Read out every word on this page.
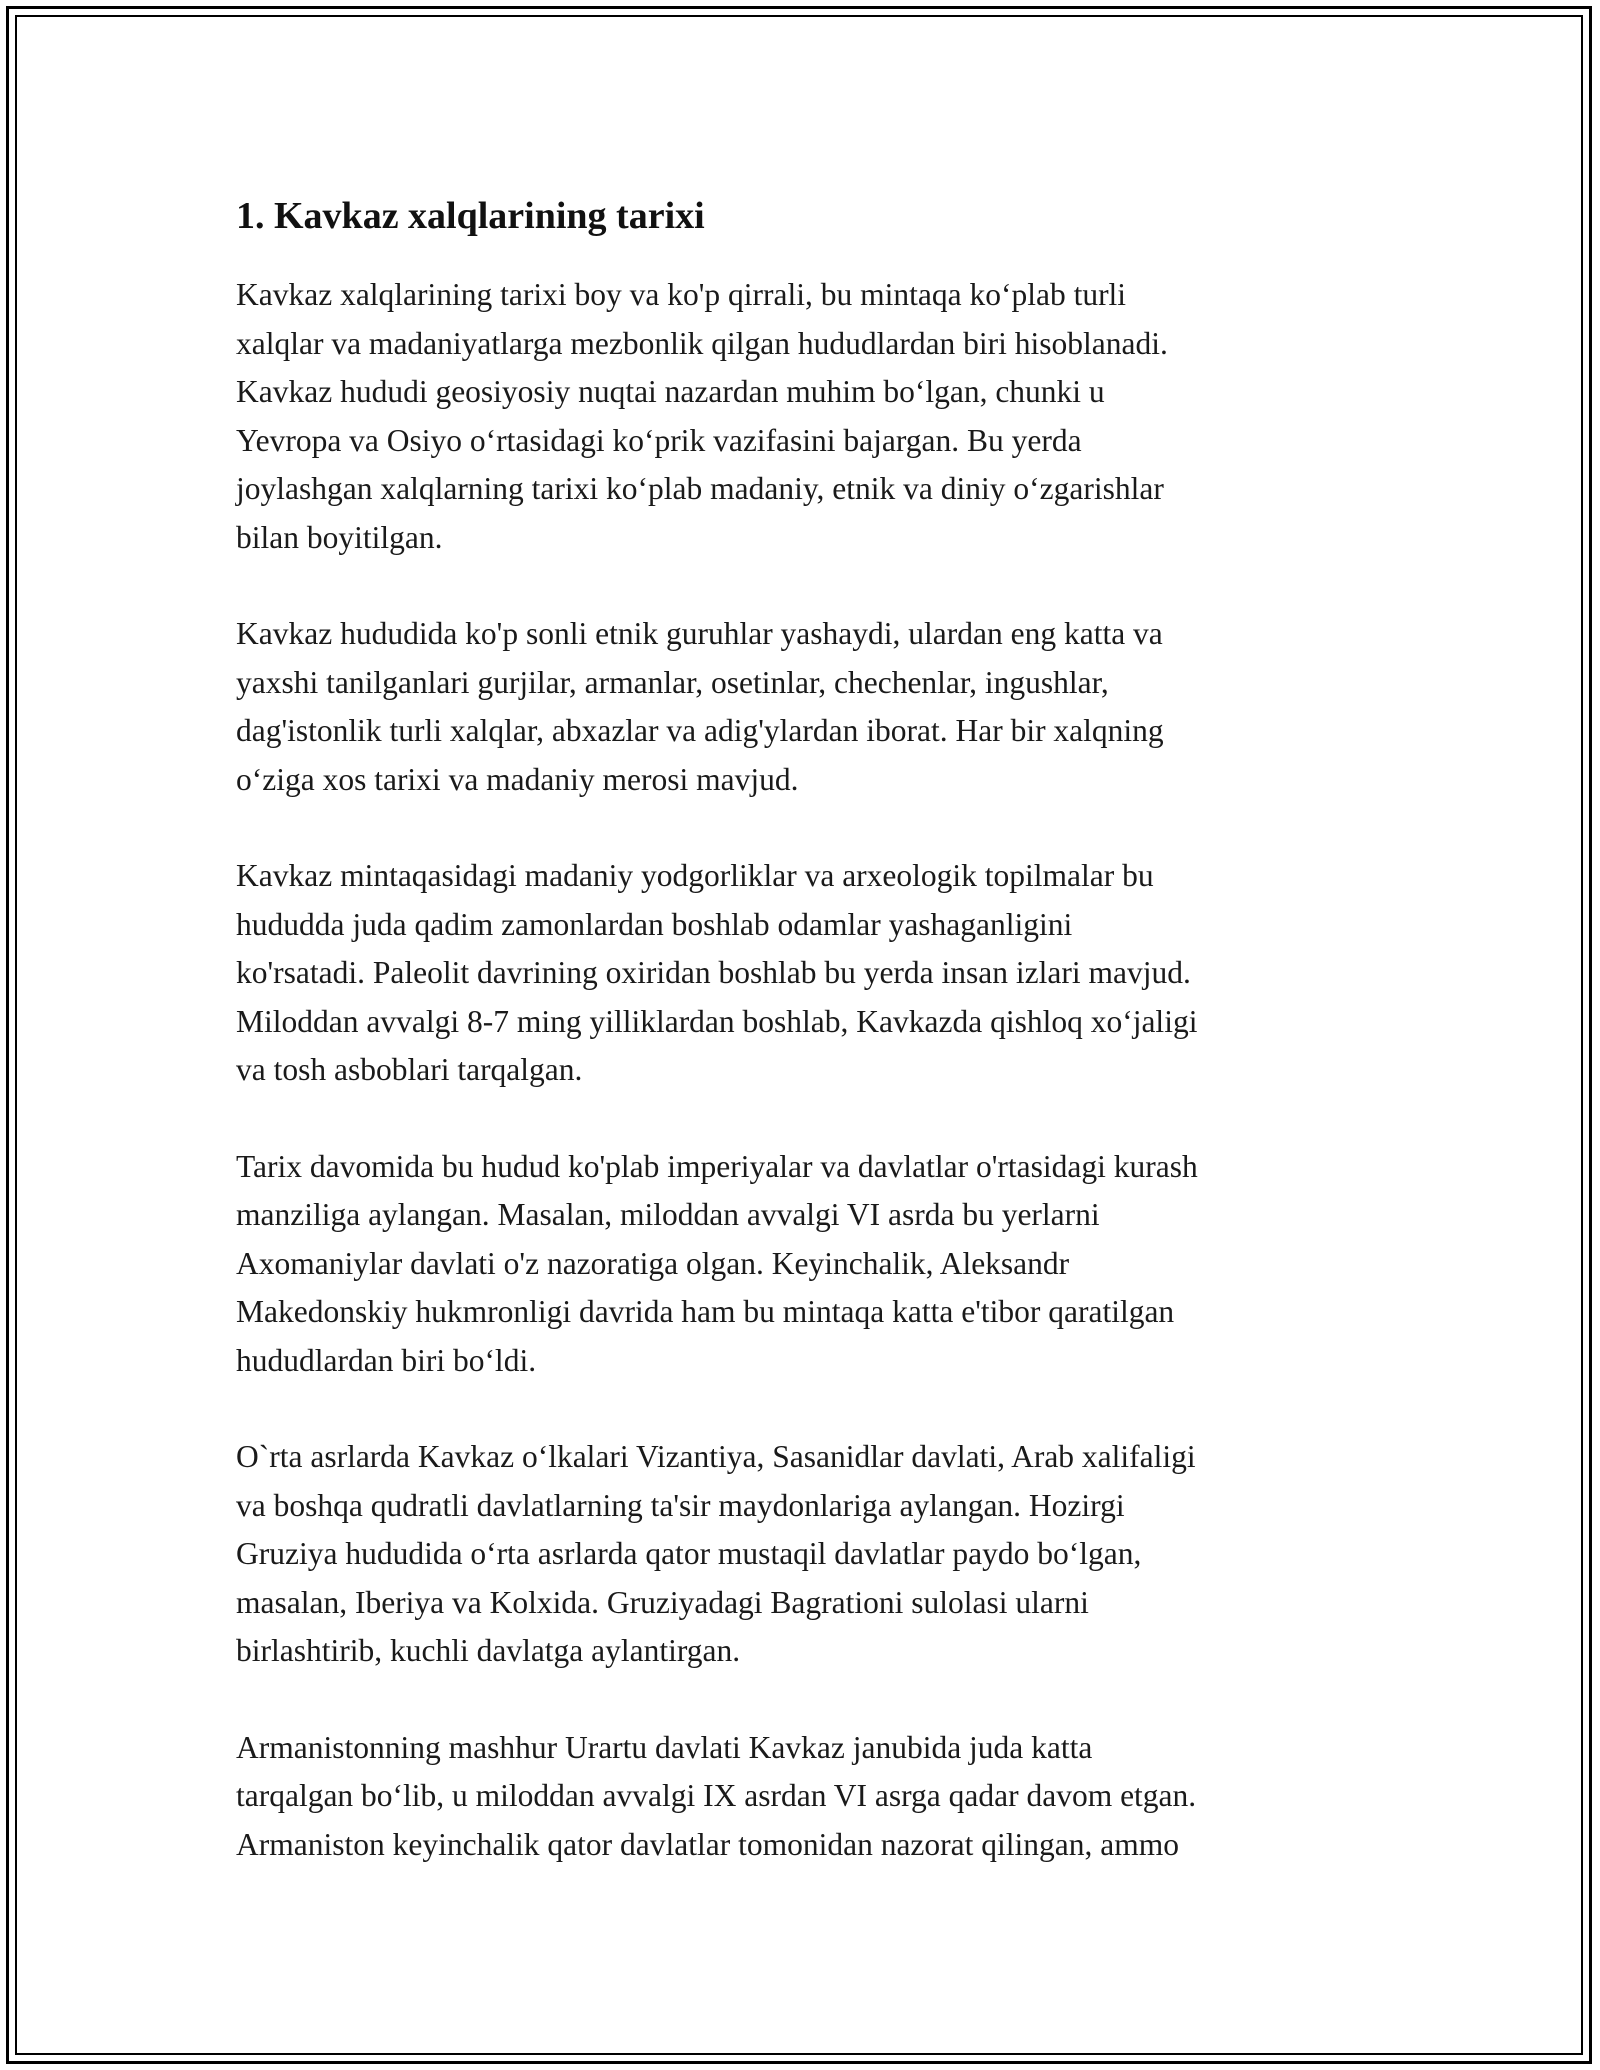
1. Kavkaz xalqlarining tarixi

Kavkaz xalqlarining tarixi boy va ko'p qirrali, bu mintaqa ko‘plab turli
xalqlar va madaniyatlarga mezbonlik qilgan hududlardan biri hisoblanadi.
Kavkaz hududi geosiyosiy nuqtai nazardan muhim bo‘lgan, chunki u
Yevropa va Osiyo o‘rtasidagi ko‘prik vazifasini bajargan. Bu yerda
joylashgan xalqlarning tarixi ko‘plab madaniy, etnik va diniy o‘zgarishlar
bilan boyitilgan.

Kavkaz hududida ko'p sonli etnik guruhlar yashaydi, ulardan eng katta va
yaxshi tanilganlari gurjilar, armanlar, osetinlar, chechenlar, ingushlar,
dag'istonlik turli xalqlar, abxazlar va adig'ylardan iborat. Har bir xalqning
o‘ziga xos tarixi va madaniy merosi mavjud.

Kavkaz mintaqasidagi madaniy yodgorliklar va arxeologik topilmalar bu
hududda juda qadim zamonlardan boshlab odamlar yashaganligini
ko'rsatadi. Paleolit davrining oxiridan boshlab bu yerda insan izlari mavjud.
Miloddan avvalgi 8-7 ming yilliklardan boshlab, Kavkazda qishloq xo‘jaligi
va tosh asboblari tarqalgan.

Tarix davomida bu hudud ko'plab imperiyalar va davlatlar o'rtasidagi kurash
manziliga aylangan. Masalan, miloddan avvalgi VI asrda bu yerlarni
Axomaniylar davlati o'z nazoratiga olgan. Keyinchalik, Aleksandr
Makedonskiy hukmronligi davrida ham bu mintaqa katta e'tibor qaratilgan
hududlardan biri bo‘ldi.

O`rta asrlarda Kavkaz o‘lkalari Vizantiya, Sasanidlar davlati, Arab xalifaligi
va boshqa qudratli davlatlarning ta'sir maydonlariga aylangan. Hozirgi
Gruziya hududida o‘rta asrlarda qator mustaqil davlatlar paydo bo‘lgan,
masalan, Iberiya va Kolxida. Gruziyadagi Bagrationi sulolasi ularni
birlashtirib, kuchli davlatga aylantirgan.

Armanistonning mashhur Urartu davlati Kavkaz janubida juda katta
tarqalgan bo‘lib, u miloddan avvalgi IX asrdan VI asrga qadar davom etgan.
Armaniston keyinchalik qator davlatlar tomonidan nazorat qilingan, ammo
